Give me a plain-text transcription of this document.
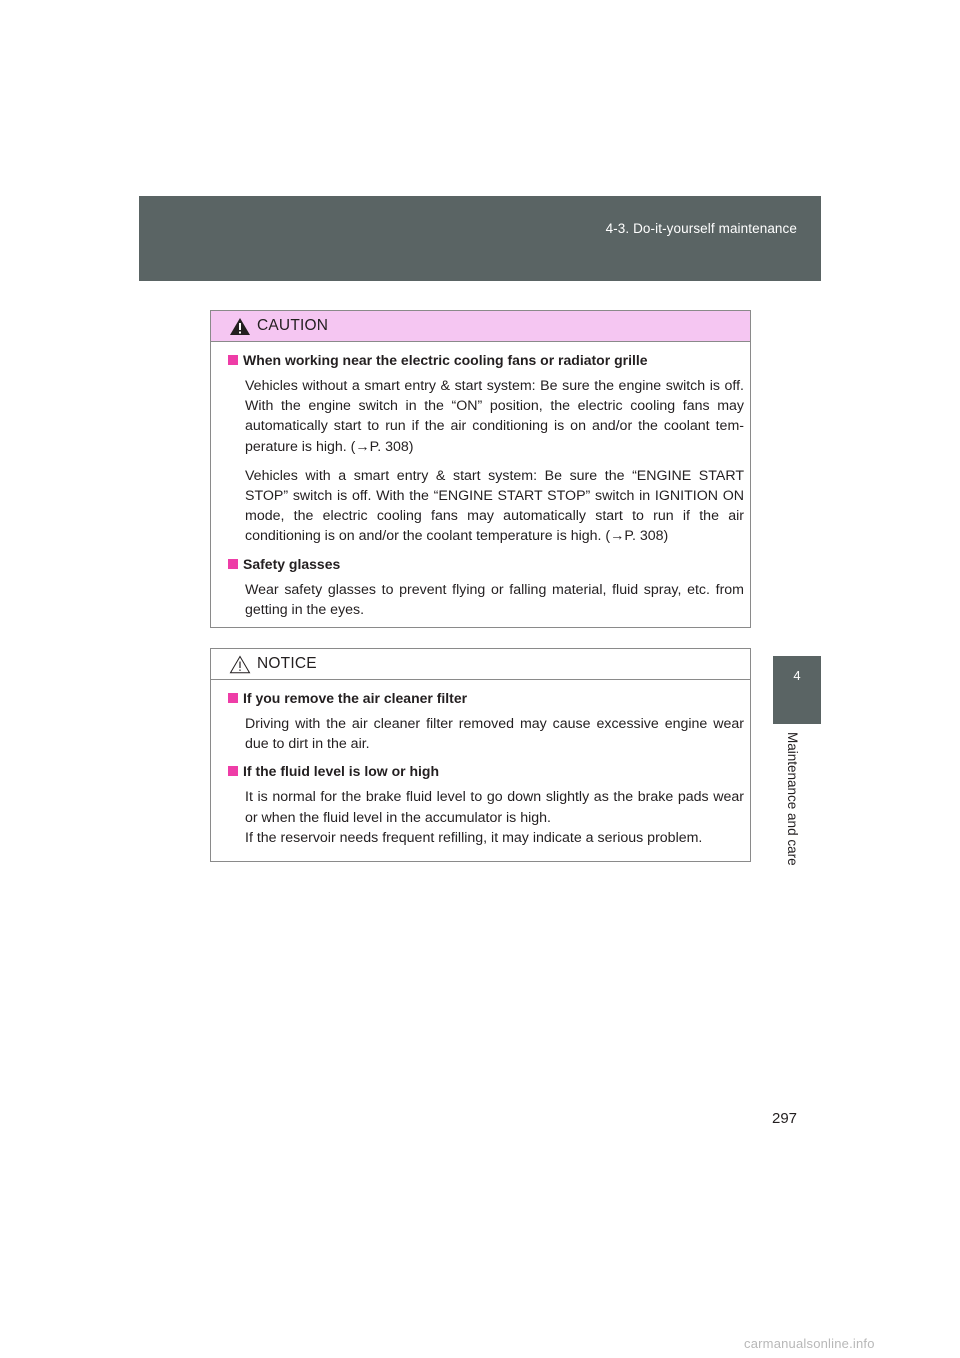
4-3. Do-it-yourself maintenance
4
Maintenance and care
CAUTION
When working near the electric cooling fans or radiator grille

Vehicles without a smart entry & start system: Be sure the engine switch is off. With the engine switch in the “ON” position, the electric cooling fans may automatically start to run if the air conditioning is on and/or the coolant tem-perature is high. (→P. 308)

Vehicles with a smart entry & start system: Be sure the “ENGINE START STOP” switch is off. With the “ENGINE START STOP” switch in IGNITION ON mode, the electric cooling fans may automatically start to run if the air conditioning is on and/or the coolant temperature is high. (→P. 308)

Safety glasses

Wear safety glasses to prevent flying or falling material, fluid spray, etc. from getting in the eyes.

NOTICE
If you remove the air cleaner filter

Driving with the air cleaner filter removed may cause excessive engine wear due to dirt in the air.

If the fluid level is low or high

It is normal for the brake fluid level to go down slightly as the brake pads wear or when the fluid level in the accumulator is high.

If the reservoir needs frequent refilling, it may indicate a serious problem.

297
carmanualsonline.info
